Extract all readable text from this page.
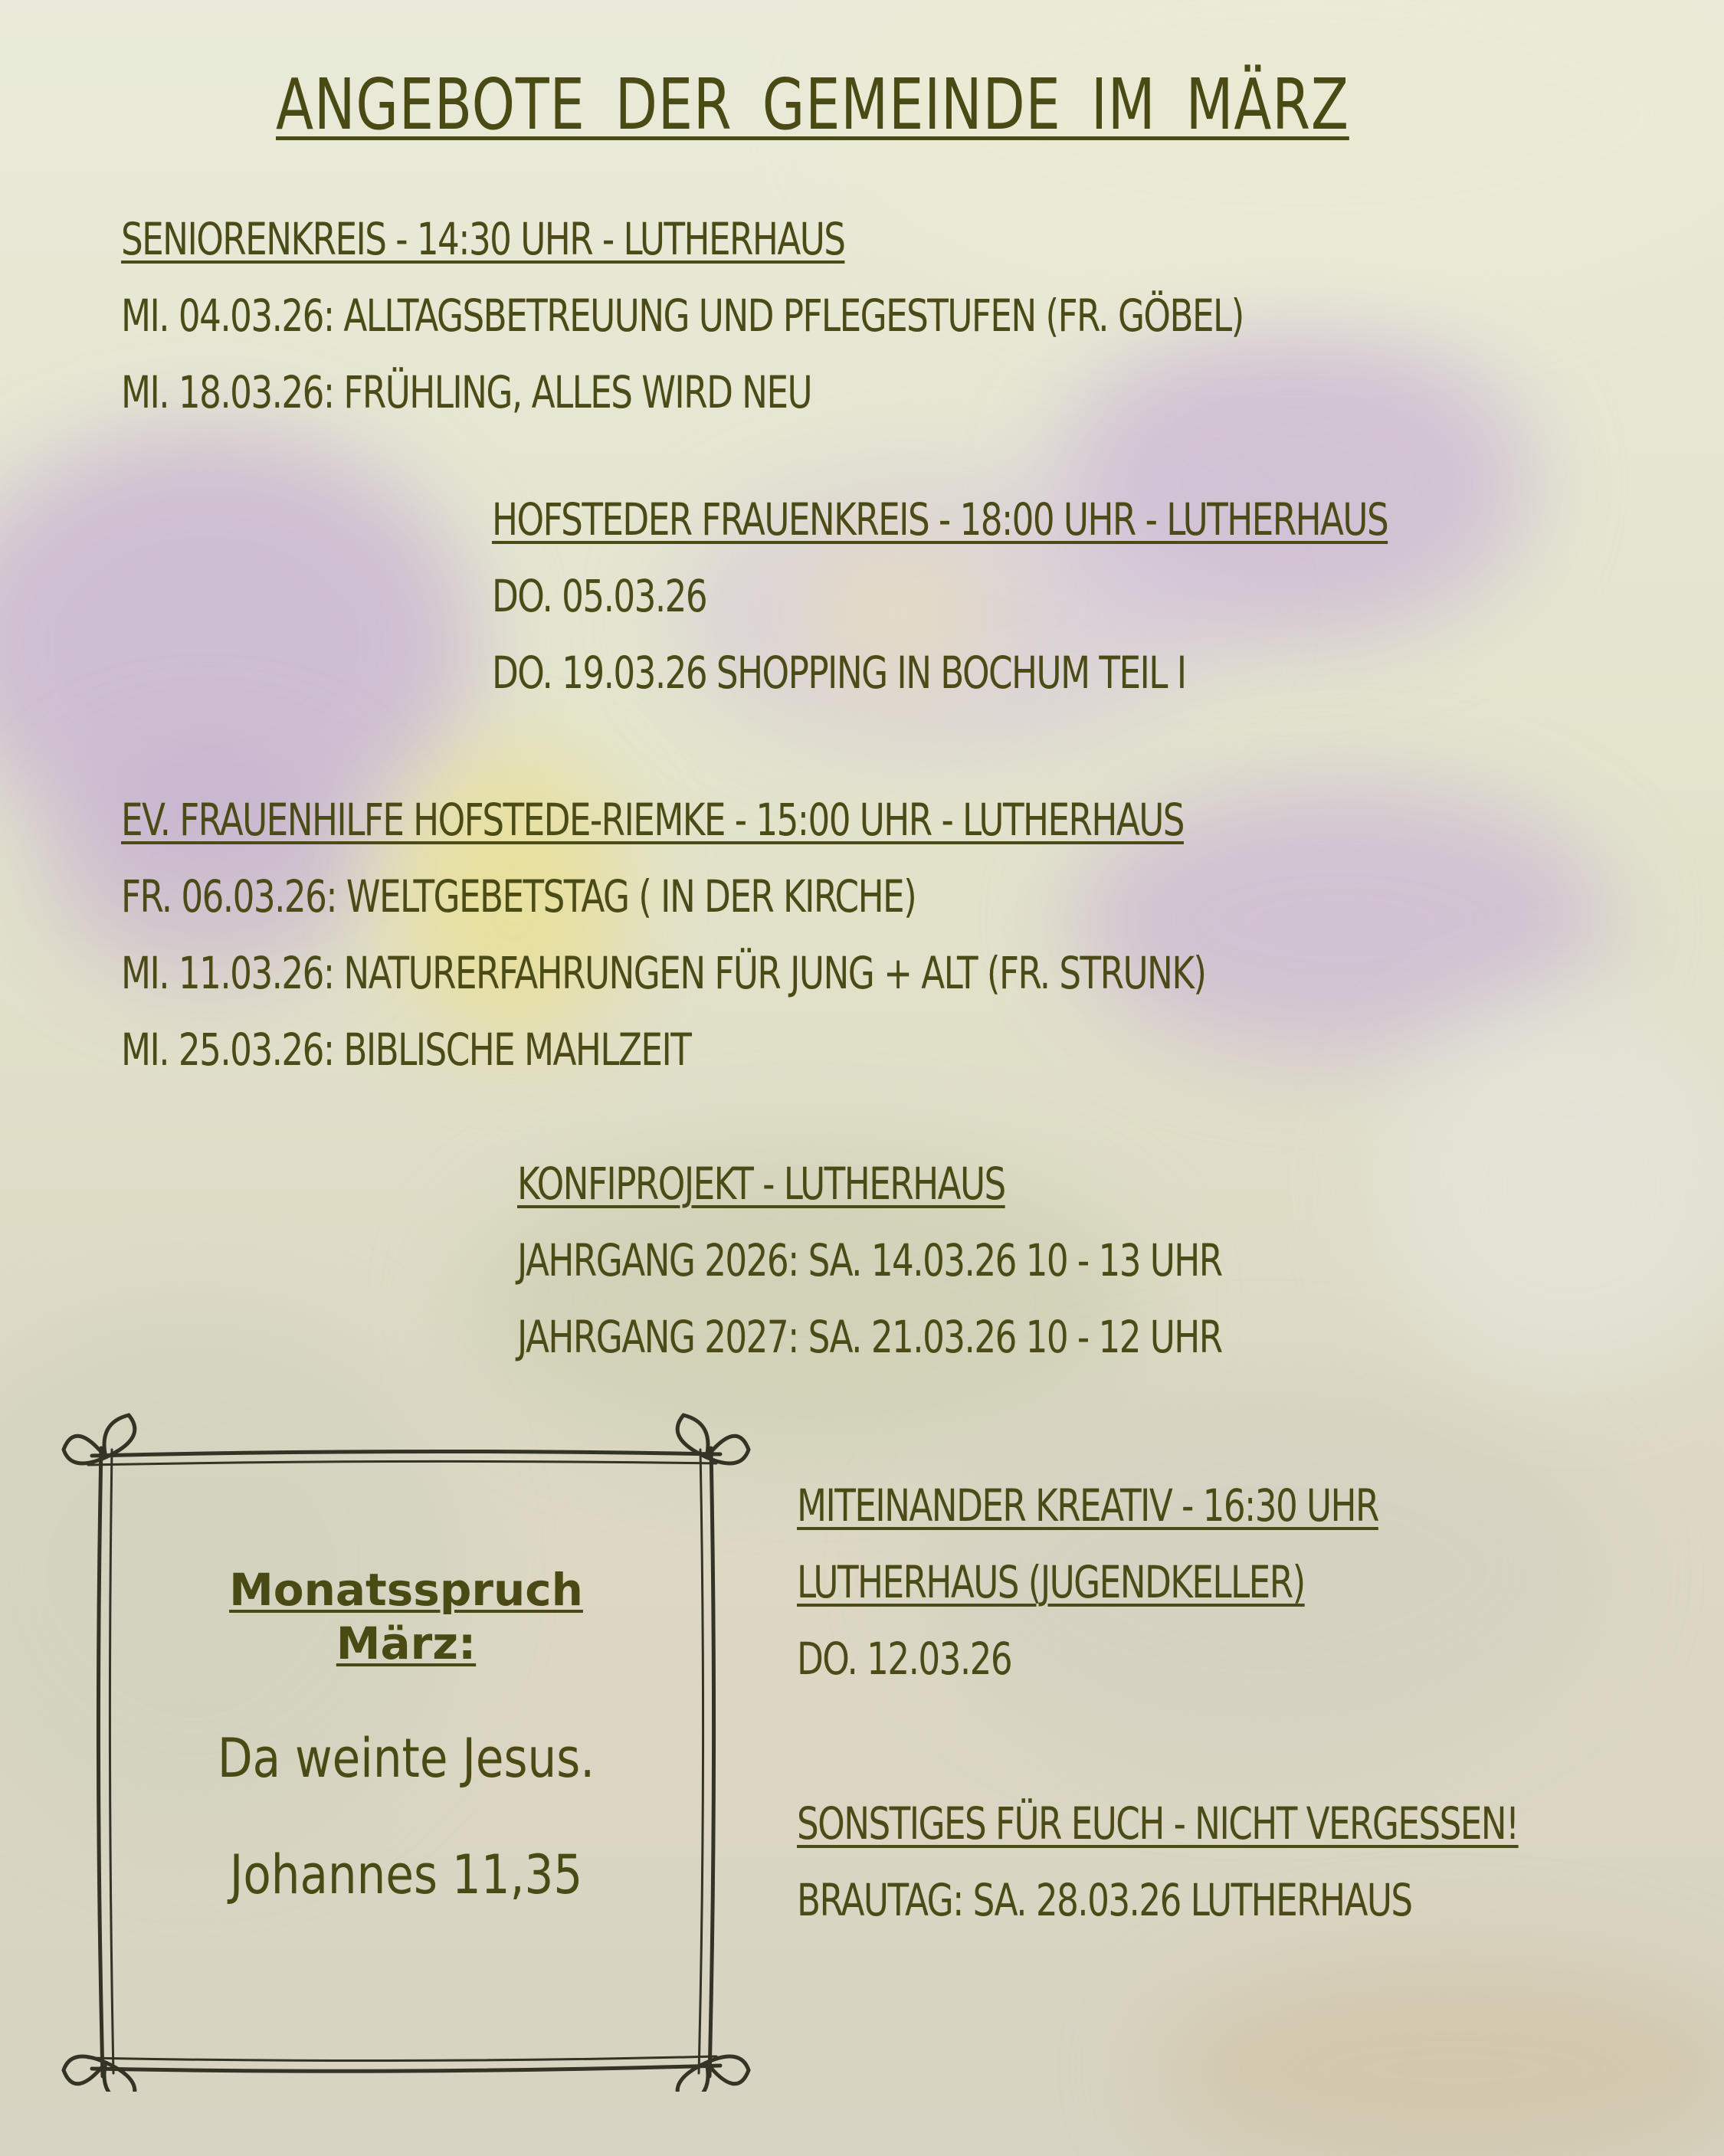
ANGEBOTE DER GEMEINDE IM MÄRZ
SENIORENKREIS - 14:30 UHR - LUTHERHAUS
MI. 04.03.26: ALLTAGSBETREUUNG UND PFLEGESTUFEN (FR. GÖBEL)
MI. 18.03.26: FRÜHLING, ALLES WIRD NEU
HOFSTEDER FRAUENKREIS - 18:00 UHR - LUTHERHAUS
DO. 05.03.26
DO. 19.03.26 SHOPPING IN BOCHUM TEIL I
EV. FRAUENHILFE HOFSTEDE-RIEMKE - 15:00 UHR - LUTHERHAUS
FR. 06.03.26: WELTGEBETSTAG ( IN DER KIRCHE)
MI. 11.03.26: NATURERFAHRUNGEN FÜR JUNG + ALT (FR. STRUNK)
MI. 25.03.26: BIBLISCHE MAHLZEIT
KONFIPROJEKT - LUTHERHAUS
JAHRGANG 2026: SA. 14.03.26 10 - 13 UHR
JAHRGANG 2027: SA. 21.03.26 10 - 12 UHR
MITEINANDER KREATIV - 16:30 UHR
LUTHERHAUS (JUGENDKELLER)
DO. 12.03.26
SONSTIGES FÜR EUCH - NICHT VERGESSEN!
BRAUTAG: SA. 28.03.26 LUTHERHAUS
Monatsspruch
März:
Da weinte Jesus.
Johannes 11,35
